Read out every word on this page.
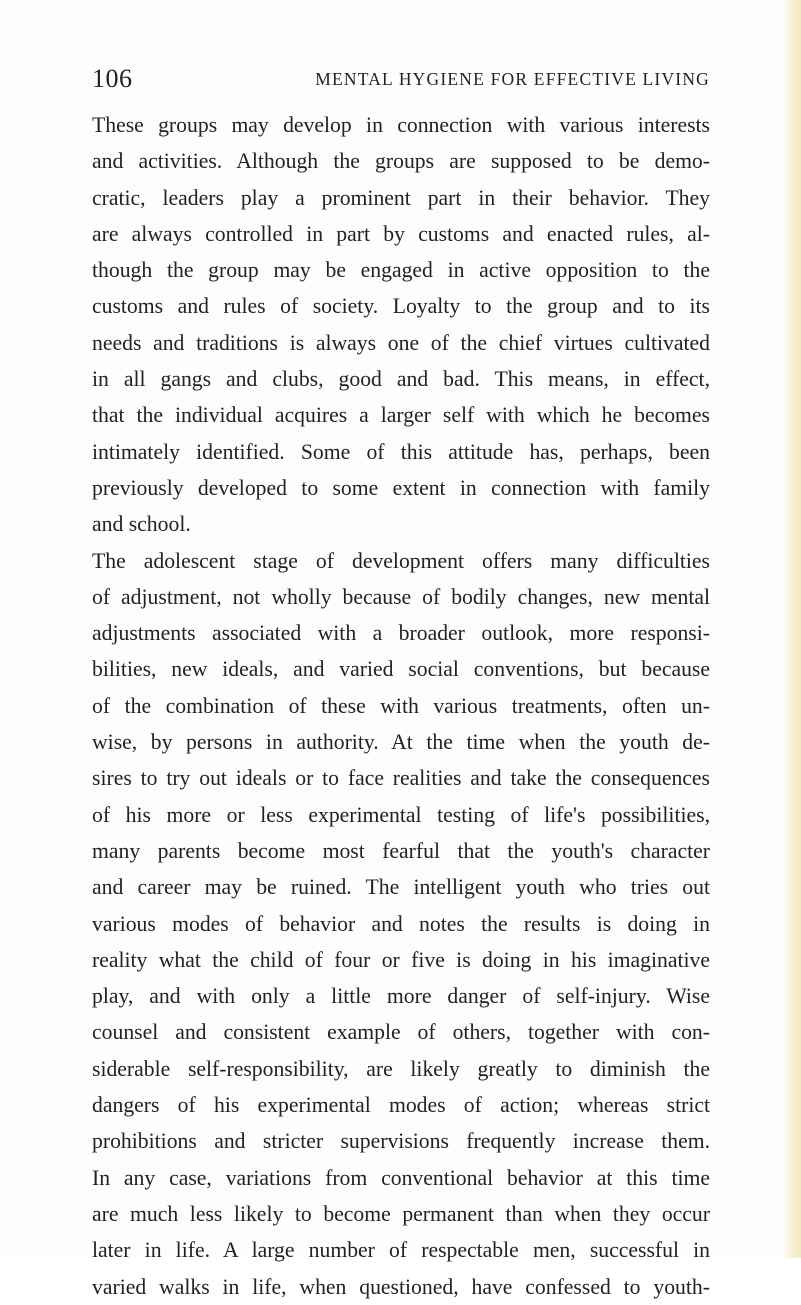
106	MENTAL HYGIENE FOR EFFECTIVE LIVING
These groups may develop in connection with various interests
and activities. Although the groups are supposed to be demo-
cratic, leaders play a prominent part in their behavior. They
are always controlled in part by customs and enacted rules, al-
though the group may be engaged in active opposition to the
customs and rules of society. Loyalty to the group and to its
needs and traditions is always one of the chief virtues cultivated
in all gangs and clubs, good and bad. This means, in effect,
that the individual acquires a larger self with which he becomes
intimately identified. Some of this attitude has, perhaps, been
previously developed to some extent in connection with family
and school.
The adolescent stage of development offers many difficulties
of adjustment, not wholly because of bodily changes, new mental
adjustments associated with a broader outlook, more responsi-
bilities, new ideals, and varied social conventions, but because
of the combination of these with various treatments, often un-
wise, by persons in authority. At the time when the youth de-
sires to try out ideals or to face realities and take the consequences
of his more or less experimental testing of life's possibilities,
many parents become most fearful that the youth's character
and career may be ruined. The intelligent youth who tries out
various modes of behavior and notes the results is doing in
reality what the child of four or five is doing in his imaginative
play, and with only a little more danger of self-injury. Wise
counsel and consistent example of others, together with con-
siderable self-responsibility, are likely greatly to diminish the
dangers of his experimental modes of action; whereas strict
prohibitions and stricter supervisions frequently increase them.
In any case, variations from conventional behavior at this time
are much less likely to become permanent than when they occur
later in life. A large number of respectable men, successful in
varied walks in life, when questioned, have confessed to youth-
